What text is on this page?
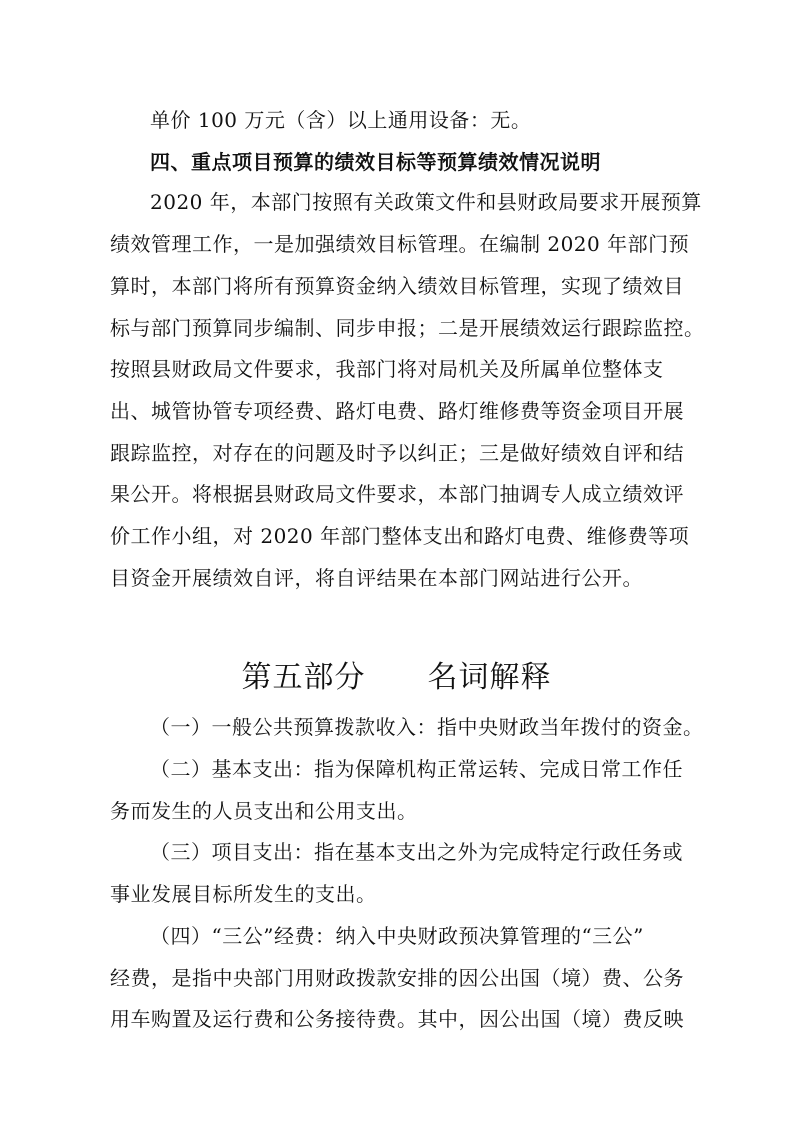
单价 100 万元（含）以上通用设备：无。
四、重点项目预算的绩效目标等预算绩效情况说明
2020 年，本部门按照有关政策文件和县财政局要求开展预算
绩效管理工作，一是加强绩效目标管理。在编制 2020 年部门预
算时，本部门将所有预算资金纳入绩效目标管理，实现了绩效目
标与部门预算同步编制、同步申报；二是开展绩效运行跟踪监控。
按照县财政局文件要求，我部门将对局机关及所属单位整体支
出、城管协管专项经费、路灯电费、路灯维修费等资金项目开展
跟踪监控，对存在的问题及时予以纠正；三是做好绩效自评和结
果公开。将根据县财政局文件要求，本部门抽调专人成立绩效评
价工作小组，对 2020 年部门整体支出和路灯电费、维修费等项
目资金开展绩效自评，将自评结果在本部门网站进行公开。
第五部分　　名词解释
（一）一般公共预算拨款收入：指中央财政当年拨付的资金。
（二）基本支出：指为保障机构正常运转、完成日常工作任
务而发生的人员支出和公用支出。
（三）项目支出：指在基本支出之外为完成特定行政任务或
事业发展目标所发生的支出。
（四）“三公”经费：纳入中央财政预决算管理的“三公”
经费，是指中央部门用财政拨款安排的因公出国（境）费、公务
用车购置及运行费和公务接待费。其中，因公出国（境）费反映
